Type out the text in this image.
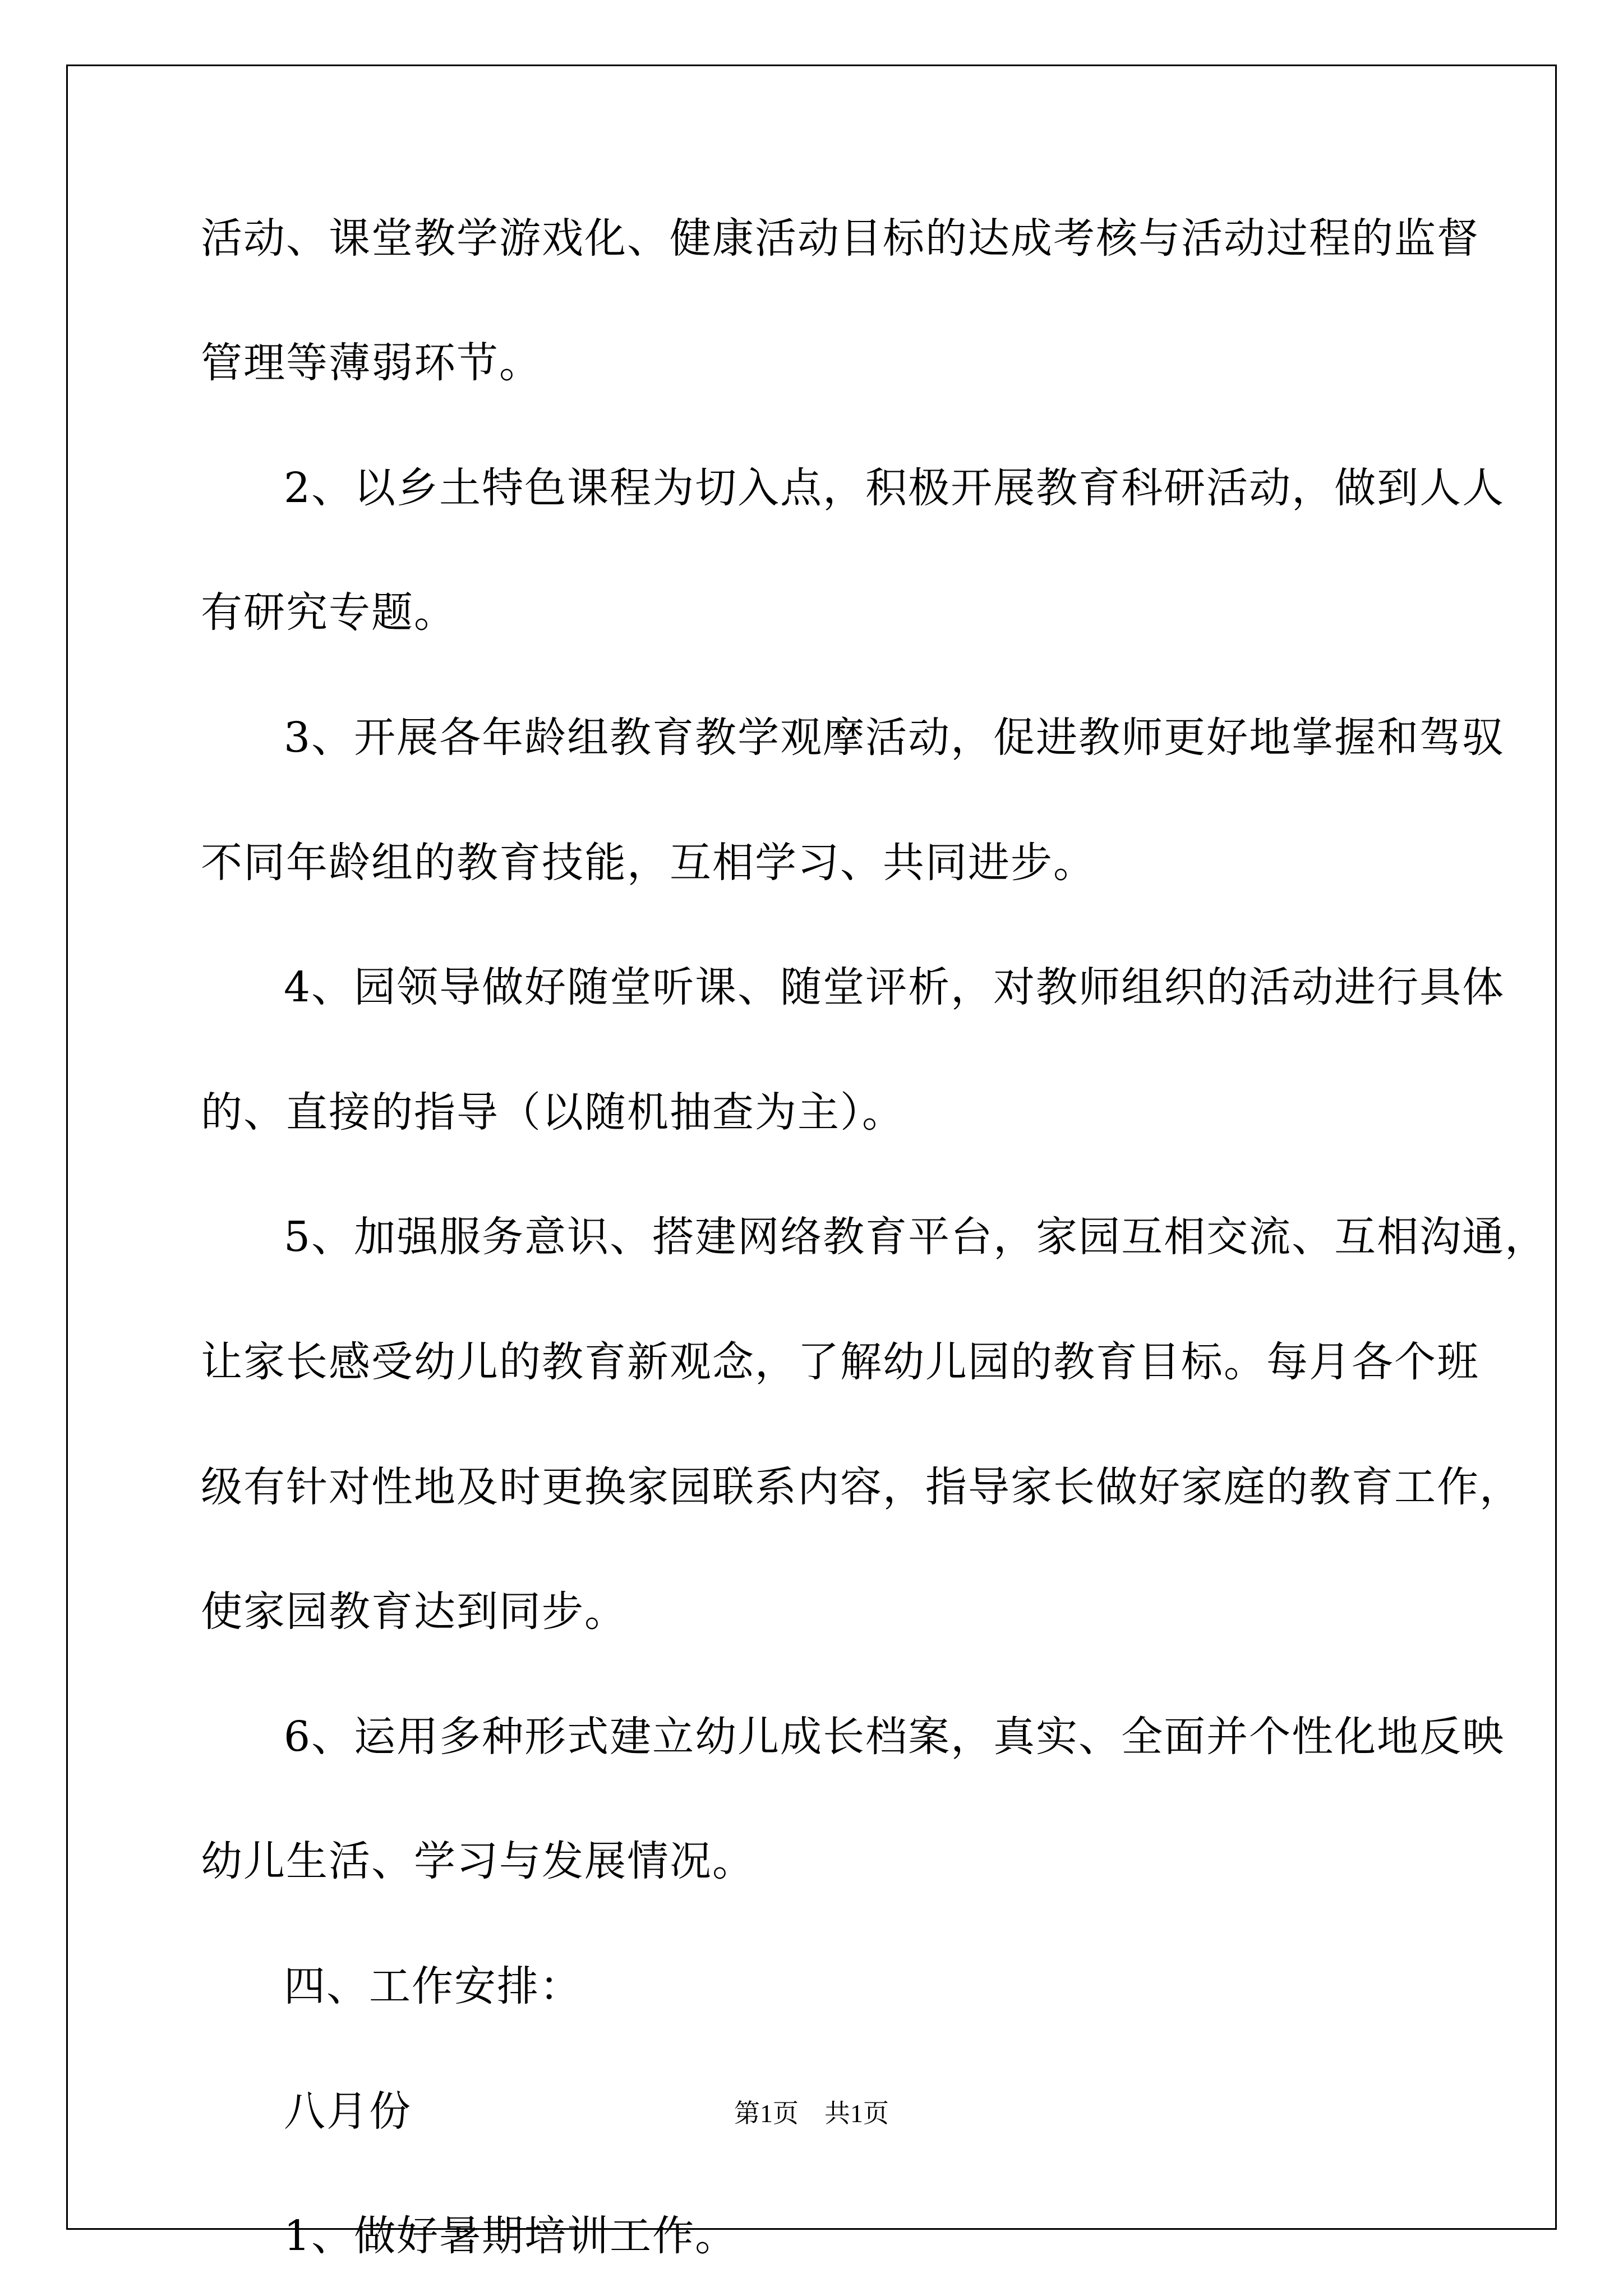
活动、课堂教学游戏化、健康活动目标的达成考核与活动过程的监督
管理等薄弱环节。
2、以乡土特色课程为切入点，积极开展教育科研活动，做到人人
有研究专题。
3、开展各年龄组教育教学观摩活动，促进教师更好地掌握和驾驭
不同年龄组的教育技能，互相学习、共同进步。
4、园领导做好随堂听课、随堂评析，对教师组织的活动进行具体
的、直接的指导（以随机抽查为主）。
5、加强服务意识、搭建网络教育平台，家园互相交流、互相沟通，
让家长感受幼儿的教育新观念，了解幼儿园的教育目标。每月各个班
级有针对性地及时更换家园联系内容，指导家长做好家庭的教育工作，
使家园教育达到同步。
6、运用多种形式建立幼儿成长档案，真实、全面并个性化地反映
幼儿生活、学习与发展情况。
四、工作安排：
八月份
1、做好暑期培训工作。
第1页　共1页
